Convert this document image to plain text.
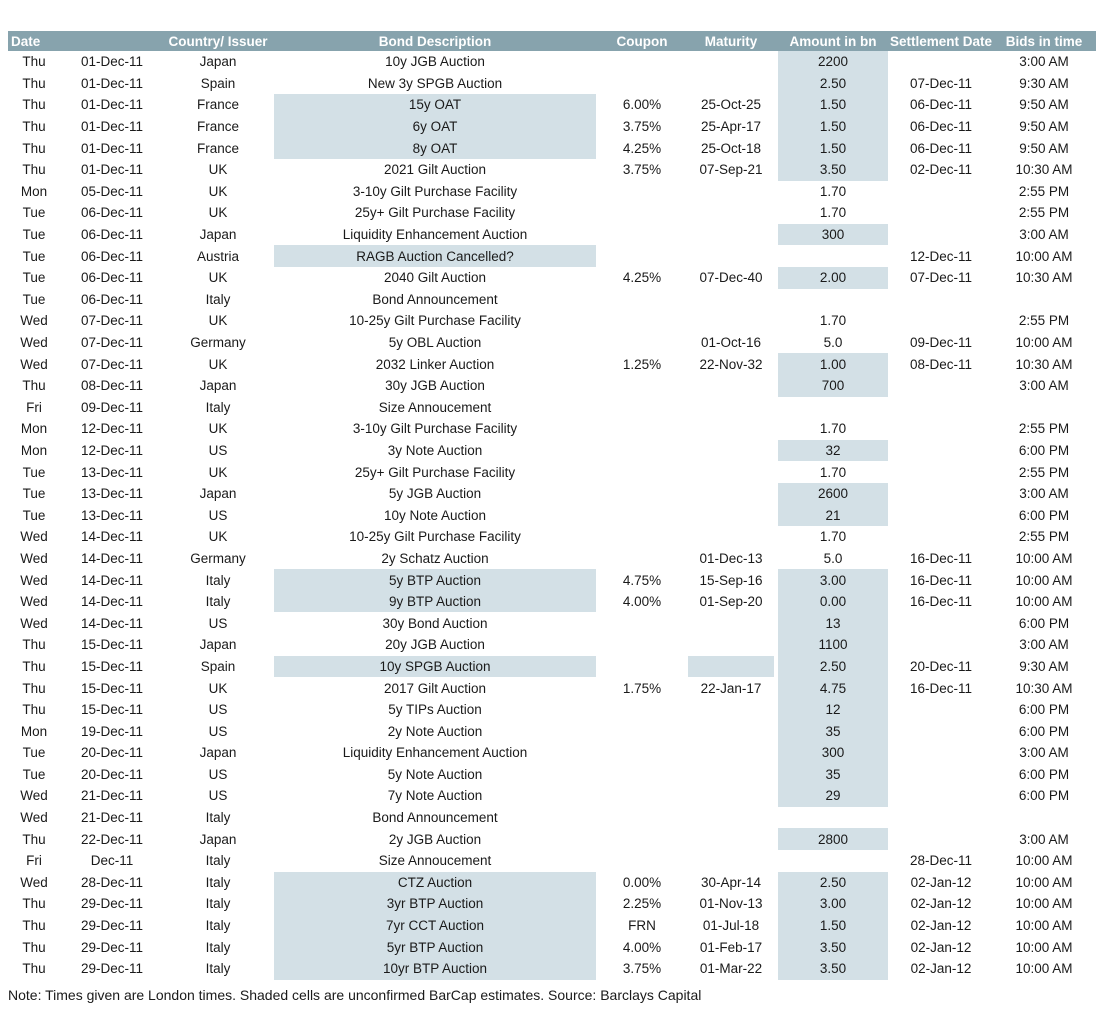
Date		Country/ Issuer	Bond Description	Coupon	Maturity	Amount in bn	Settlement Date	Bids in time
Thu	01-Dec-11	Japan	10y JGB Auction			2200		3:00 AM
Thu	01-Dec-11	Spain	New 3y SPGB Auction			2.50	07-Dec-11	9:30 AM
Thu	01-Dec-11	France	15y OAT	6.00%	25-Oct-25	1.50	06-Dec-11	9:50 AM
Thu	01-Dec-11	France	6y OAT	3.75%	25-Apr-17	1.50	06-Dec-11	9:50 AM
Thu	01-Dec-11	France	8y OAT	4.25%	25-Oct-18	1.50	06-Dec-11	9:50 AM
Thu	01-Dec-11	UK	2021 Gilt Auction	3.75%	07-Sep-21	3.50	02-Dec-11	10:30 AM
Mon	05-Dec-11	UK	3-10y Gilt Purchase Facility			1.70		2:55 PM
Tue	06-Dec-11	UK	25y+ Gilt Purchase Facility			1.70		2:55 PM
Tue	06-Dec-11	Japan	Liquidity Enhancement Auction			300		3:00 AM
Tue	06-Dec-11	Austria	RAGB Auction Cancelled?				12-Dec-11	10:00 AM
Tue	06-Dec-11	UK	2040 Gilt Auction	4.25%	07-Dec-40	2.00	07-Dec-11	10:30 AM
Tue	06-Dec-11	Italy	Bond Announcement					
Wed	07-Dec-11	UK	10-25y Gilt Purchase Facility			1.70		2:55 PM
Wed	07-Dec-11	Germany	5y OBL Auction		01-Oct-16	5.0	09-Dec-11	10:00 AM
Wed	07-Dec-11	UK	2032 Linker Auction	1.25%	22-Nov-32	1.00	08-Dec-11	10:30 AM
Thu	08-Dec-11	Japan	30y JGB Auction			700		3:00 AM
Fri	09-Dec-11	Italy	Size Annoucement					
Mon	12-Dec-11	UK	3-10y Gilt Purchase Facility			1.70		2:55 PM
Mon	12-Dec-11	US	3y Note Auction			32		6:00 PM
Tue	13-Dec-11	UK	25y+ Gilt Purchase Facility			1.70		2:55 PM
Tue	13-Dec-11	Japan	5y JGB Auction			2600		3:00 AM
Tue	13-Dec-11	US	10y Note Auction			21		6:00 PM
Wed	14-Dec-11	UK	10-25y Gilt Purchase Facility			1.70		2:55 PM
Wed	14-Dec-11	Germany	2y Schatz Auction		01-Dec-13	5.0	16-Dec-11	10:00 AM
Wed	14-Dec-11	Italy	5y BTP Auction	4.75%	15-Sep-16	3.00	16-Dec-11	10:00 AM
Wed	14-Dec-11	Italy	9y BTP Auction	4.00%	01-Sep-20	0.00	16-Dec-11	10:00 AM
Wed	14-Dec-11	US	30y Bond Auction			13		6:00 PM
Thu	15-Dec-11	Japan	20y JGB Auction			1100		3:00 AM
Thu	15-Dec-11	Spain	10y SPGB Auction			2.50	20-Dec-11	9:30 AM
Thu	15-Dec-11	UK	2017 Gilt Auction	1.75%	22-Jan-17	4.75	16-Dec-11	10:30 AM
Thu	15-Dec-11	US	5y TIPs Auction			12		6:00 PM
Mon	19-Dec-11	US	2y Note Auction			35		6:00 PM
Tue	20-Dec-11	Japan	Liquidity Enhancement Auction			300		3:00 AM
Tue	20-Dec-11	US	5y Note Auction			35		6:00 PM
Wed	21-Dec-11	US	7y Note Auction			29		6:00 PM
Wed	21-Dec-11	Italy	Bond Announcement					
Thu	22-Dec-11	Japan	2y JGB Auction			2800		3:00 AM
Fri	Dec-11	Italy	Size Annoucement				28-Dec-11	10:00 AM
Wed	28-Dec-11	Italy	CTZ Auction	0.00%	30-Apr-14	2.50	02-Jan-12	10:00 AM
Thu	29-Dec-11	Italy	3yr BTP Auction	2.25%	01-Nov-13	3.00	02-Jan-12	10:00 AM
Thu	29-Dec-11	Italy	7yr CCT Auction	FRN	01-Jul-18	1.50	02-Jan-12	10:00 AM
Thu	29-Dec-11	Italy	5yr BTP Auction	4.00%	01-Feb-17	3.50	02-Jan-12	10:00 AM
Thu	29-Dec-11	Italy	10yr BTP Auction	3.75%	01-Mar-22	3.50	02-Jan-12	10:00 AM
Note: Times given are London times. Shaded cells are unconfirmed BarCap estimates. Source: Barclays Capital
